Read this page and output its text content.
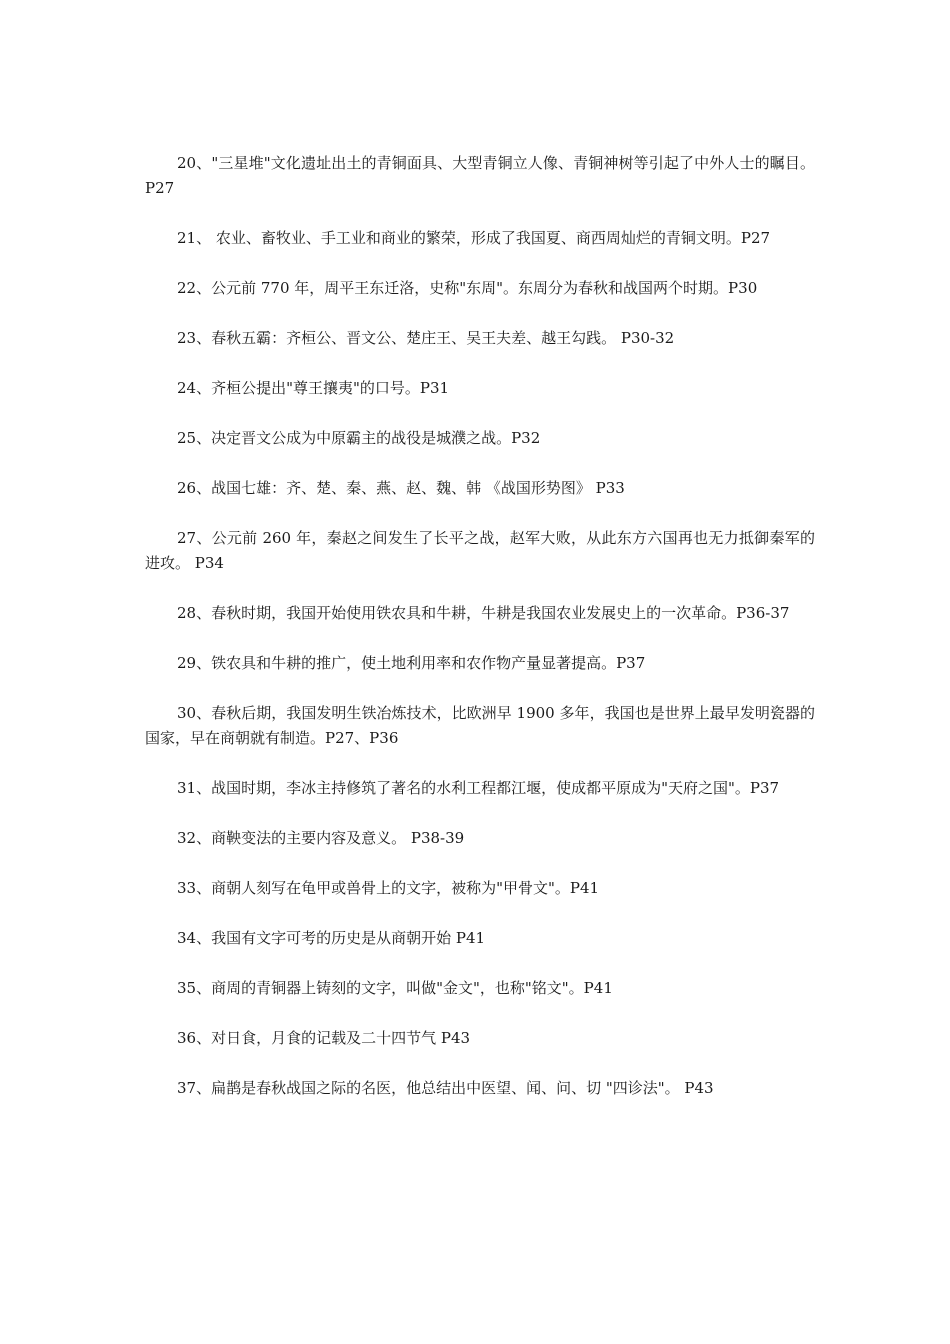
20、"三星堆"文化遗址出土的青铜面具、大型青铜立人像、青铜神树等引起了中外人士的瞩目。 P27

21、 农业、畜牧业、手工业和商业的繁荣，形成了我国夏、商西周灿烂的青铜文明。P27

22、公元前 770 年，周平王东迁洛，史称"东周"。东周分为春秋和战国两个时期。P30

23、春秋五霸：齐桓公、晋文公、楚庄王、吴王夫差、越王勾践。 P30-32

24、齐桓公提出"尊王攘夷"的口号。P31

25、决定晋文公成为中原霸主的战役是城濮之战。P32

26、战国七雄：齐、楚、秦、燕、赵、魏、韩 《战国形势图》 P33

27、公元前 260 年，秦赵之间发生了长平之战，赵军大败，从此东方六国再也无力抵御秦军的进攻。 P34

28、春秋时期，我国开始使用铁农具和牛耕，牛耕是我国农业发展史上的一次革命。P36-37

29、铁农具和牛耕的推广，使土地利用率和农作物产量显著提高。P37

30、春秋后期，我国发明生铁冶炼技术，比欧洲早 1900 多年，我国也是世界上最早发明瓷器的国家，早在商朝就有制造。P27、P36

31、战国时期，李冰主持修筑了著名的水利工程都江堰，使成都平原成为"天府之国"。P37

32、商鞅变法的主要内容及意义。 P38-39

33、商朝人刻写在龟甲或兽骨上的文字，被称为"甲骨文"。P41

34、我国有文字可考的历史是从商朝开始 P41

35、商周的青铜器上铸刻的文字，叫做"金文"，也称"铭文"。P41

36、对日食，月食的记载及二十四节气 P43

37、扁鹊是春秋战国之际的名医，他总结出中医望、闻、问、切 "四诊法"。 P43
